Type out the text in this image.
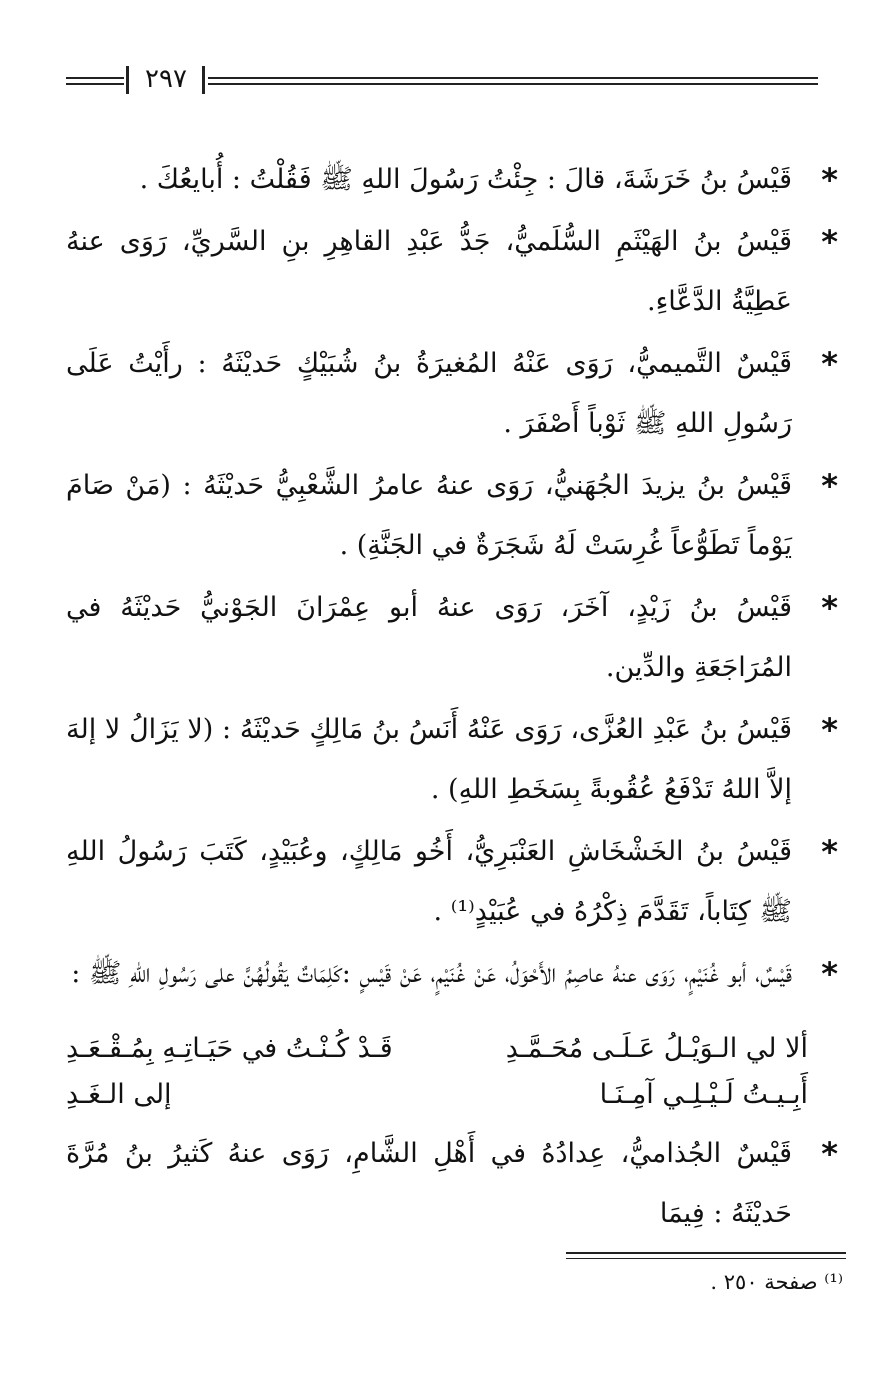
٢٩٧
*
قَيْسُ بنُ خَرَشَةَ، قالَ : جِئْتُ رَسُولَ اللهِ ﷺ فَقُلْتُ : أُبايعُكَ .
*
قَيْسُ بنُ الهَيْثَمِ السُّلَميُّ، جَدُّ عَبْدِ القاهِرِ بنِ السَّريِّ، رَوَى عنهُ عَطِيَّةُ الدَّعَّاءِ.
*
قَيْسٌ التَّميميُّ، رَوَى عَنْهُ المُغيرَةُ بنُ شُبَيْكٍ حَديْثَهُ : رأَيْتُ عَلَى رَسُولِ اللهِ ﷺ ثَوْباً أَصْفَرَ .
*
قَيْسُ بنُ يزيدَ الجُهَنيُّ، رَوَى عنهُ عامرُ الشَّعْبِيُّ حَديْثَهُ : (مَنْ صَامَ يَوْماً تَطَوُّعاً غُرِسَتْ لَهُ شَجَرَةٌ في الجَنَّةِ) .
*
قَيْسُ بنُ زَيْدٍ، آخَرَ، رَوَى عنهُ أبو عِمْرَانَ الجَوْنيُّ حَديْثَهُ في المُرَاجَعَةِ والدِّين.
*
قَيْسُ بنُ عَبْدِ العُزَّى، رَوَى عَنْهُ أَنَسُ بنُ مَالِكٍ حَديْثَهُ : (لا يَزَالُ لا إلهَ إلاَّ اللهُ تَدْفَعُ عُقُوبةً بِسَخَطِ اللهِ) .
*
قَيْسُ بنُ الخَشْخَاشِ العَنْبَرِيُّ، أَخُو مَالِكٍ، وعُبَيْدٍ، كَتَبَ رَسُولُ اللهِ ﷺ كِتَاباً، تَقَدَّمَ ذِكْرُهُ في عُبَيْدٍ⁽¹⁾ .
*
قَيْسٌ، أبو غُنَيْمٍ، رَوَى عنهُ عاصِمُ الأَحْوَلُ، عَنْ غُنَيْمٍ، عَنْ قَيْسٍ :كَلِمَاتٌ يَقُولُهُنَّ على رَسُولِ اللهِ ﷺ :
ألا لي الـوَيْـلُ عَـلَـى مُحَـمَّـدِ
قَـدْ كُـنْـتُ في حَيَـاتِـهِ بِمُـقْـعَـدِ
أَبِـيـتُ لَـيْـلِـي آمِـنَـا
إلى الـغَـدِ
*
قَيْسٌ الجُذاميُّ، عِدادُهُ في أَهْلِ الشَّامِ، رَوَى عنهُ كَثيرُ بنُ مُرَّةَ حَديْثَهُ : فِيمَا
⁽¹⁾ صفحة ٢٥٠ .
